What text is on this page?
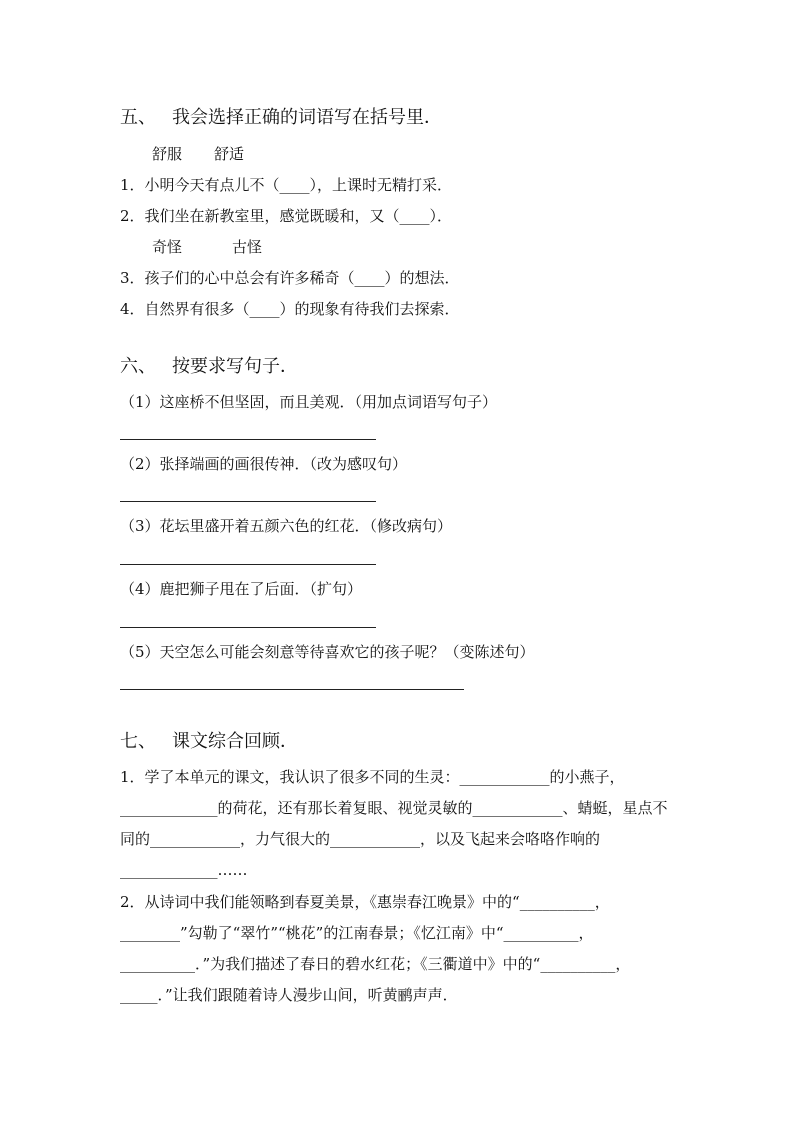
五、 我会选择正确的词语写在括号里．
舒服 舒适
1．小明今天有点儿不（____），上课时无精打采．
2．我们坐在新教室里，感觉既暖和，又（____）．
奇怪	古怪
3．孩子们的心中总会有许多稀奇（____）的想法．
4．自然界有很多（____）的现象有待我们去探索．
六、 按要求写句子．
（1）这座桥不但坚固，而且美观．（用加点词语写句子）
（2）张择端画的画很传神．（改为感叹句）
（3）花坛里盛开着五颜六色的红花．（修改病句）
（4）鹿把狮子甩在了后面．（扩句）
（5）天空怎么可能会刻意等待喜欢它的孩子呢？（变陈述句）
七、 课文综合回顾．
1．学了本单元的课文，我认识了很多不同的生灵：____________的小燕子，_____________的荷花，还有那长着复眼、视觉灵敏的____________、蜻蜓，星点不同的____________，力气很大的____________，以及飞起来会咯咯作响的_____________……
2．从诗词中我们能领略到春夏美景，《惠崇春江晚景》中的“__________，________”勾勒了“翠竹”“桃花”的江南春景；《忆江南》中“__________，__________．”为我们描述了春日的碧水红花；《三衢道中》中的“__________，_____．”让我们跟随着诗人漫步山间，听黄鹂声声．
